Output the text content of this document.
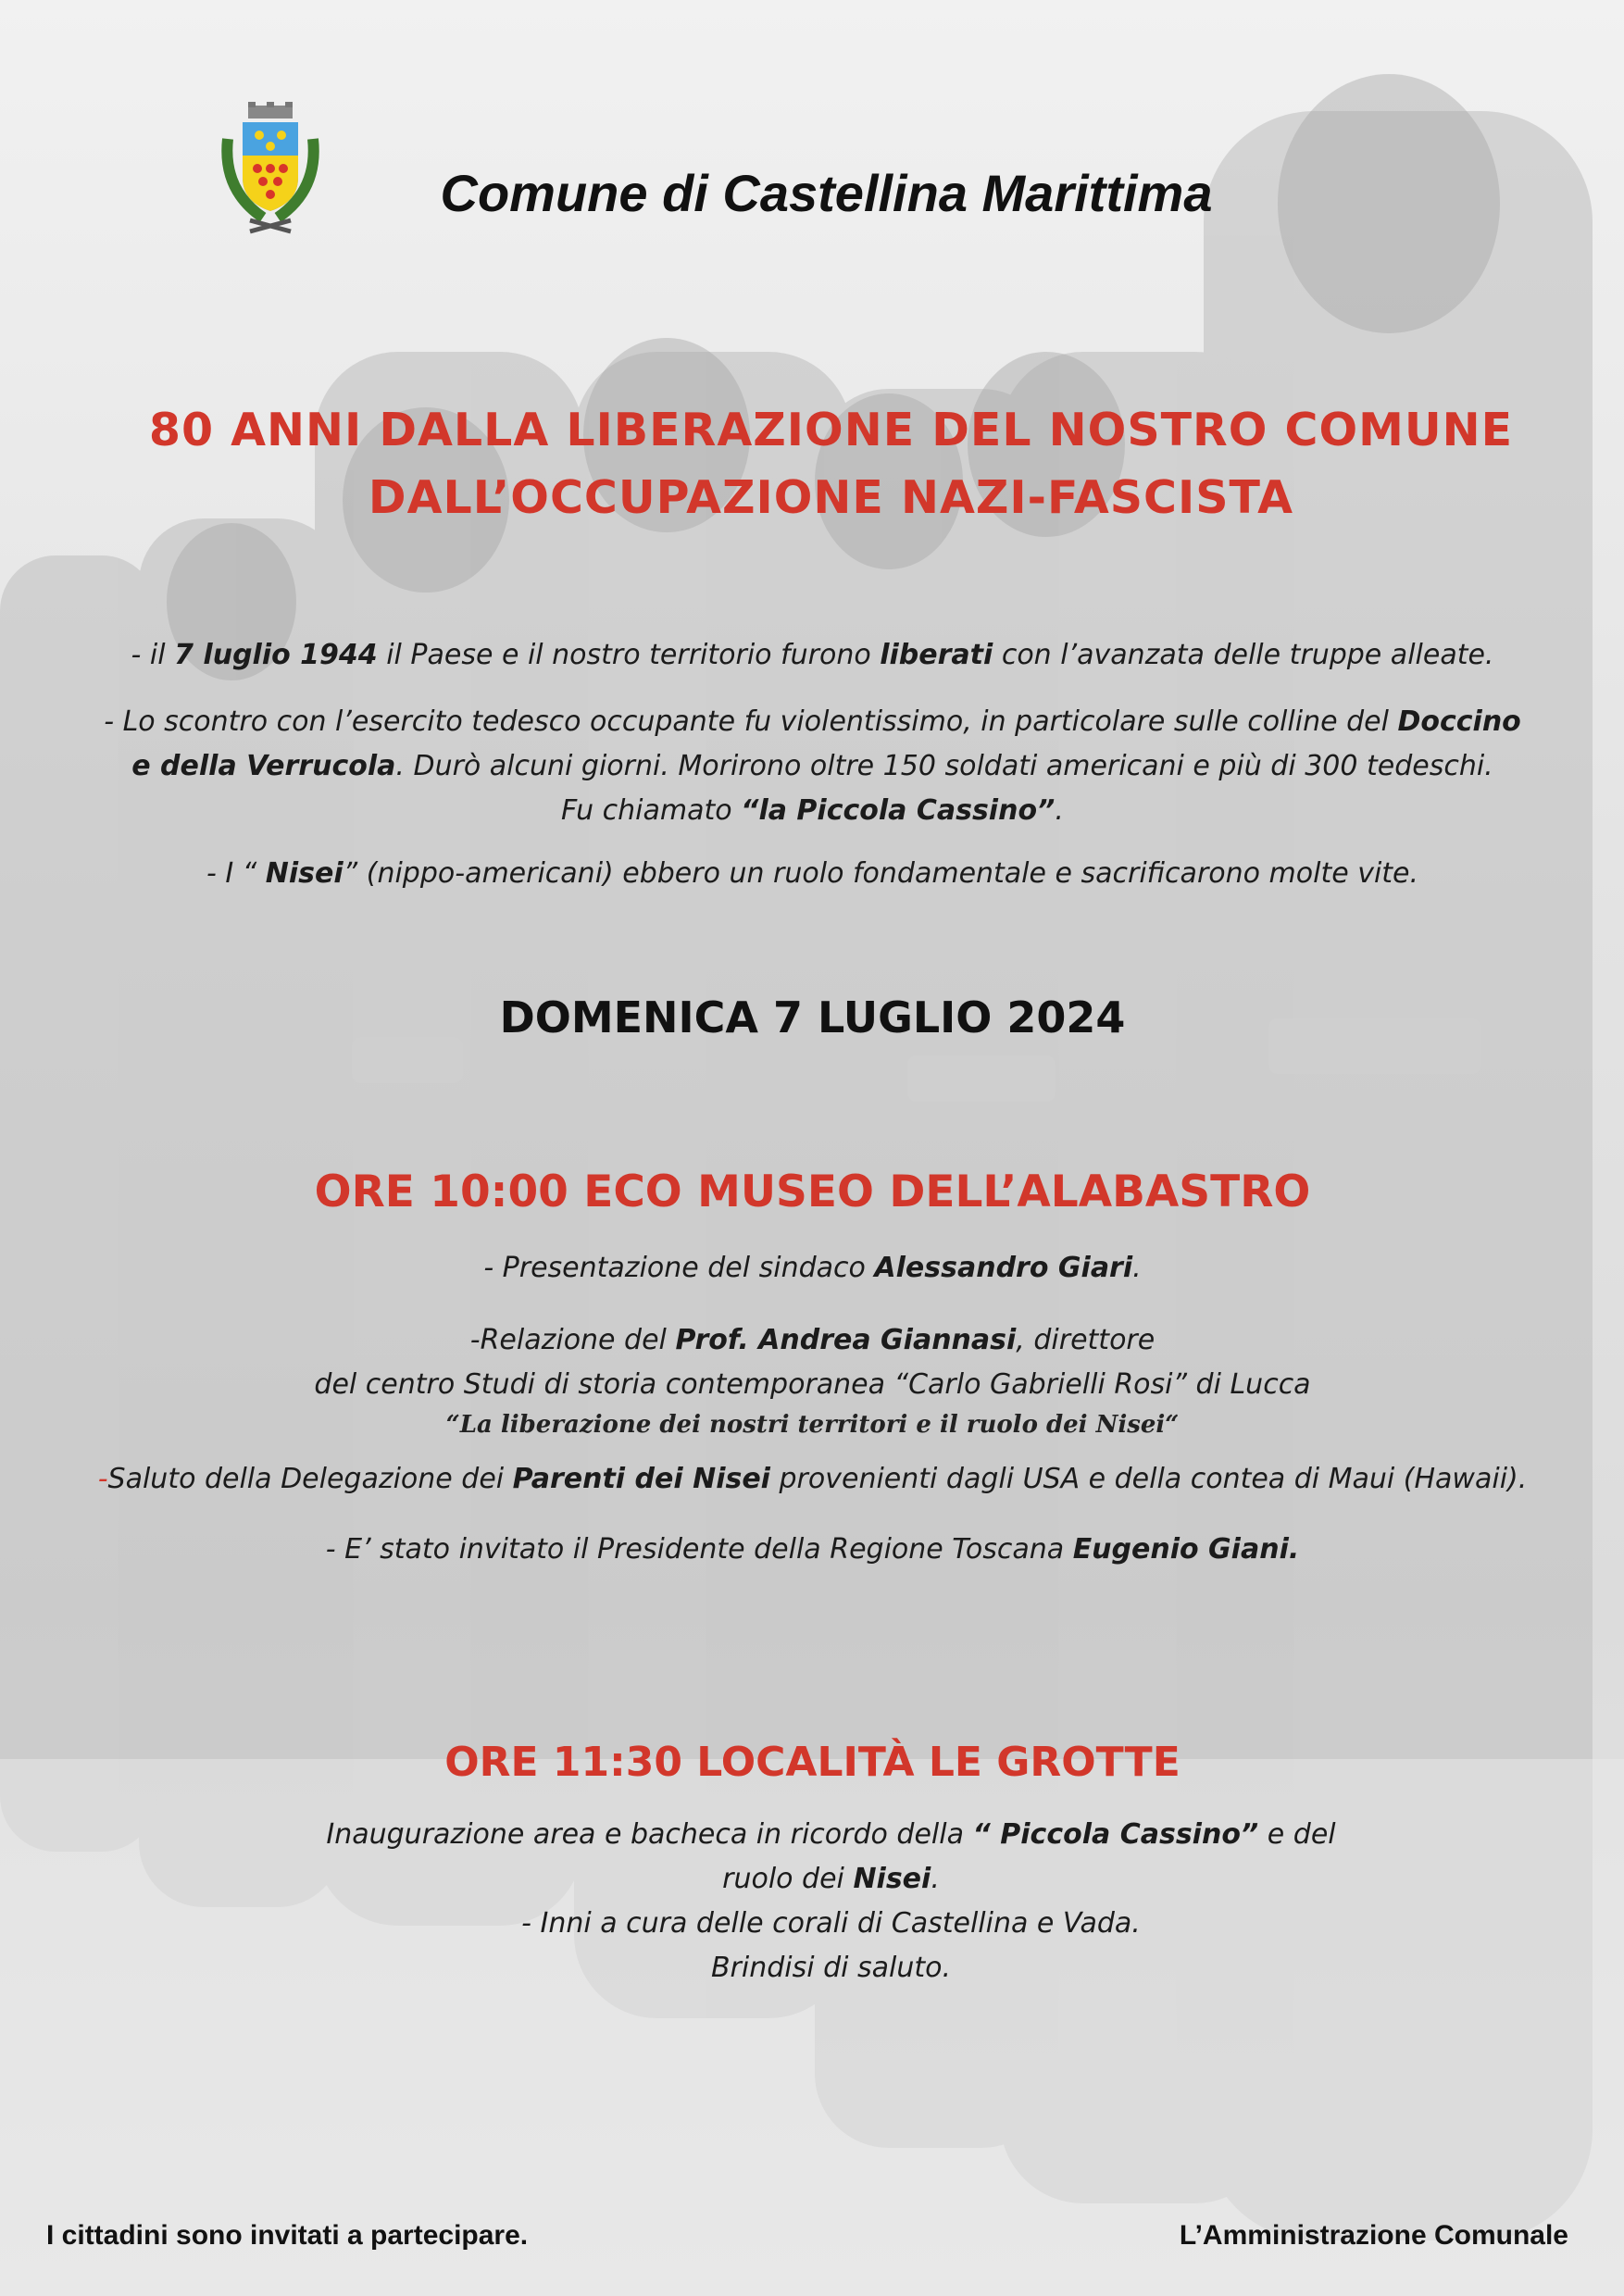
Comune di Castellina Marittima
80 ANNI DALLA LIBERAZIONE DEL NOSTRO COMUNE
DALL’OCCUPAZIONE NAZI-FASCISTA
- il 7 luglio 1944 il Paese e il nostro territorio furono liberati con l’avanzata delle truppe alleate.
- Lo scontro con l’esercito tedesco occupante fu violentissimo, in particolare sulle colline del Doccino
e della Verrucola. Durò alcuni giorni. Morirono oltre 150 soldati americani e più di 300 tedeschi.
Fu chiamato “la Piccola Cassino”.
- I “ Nisei” (nippo-americani) ebbero un ruolo fondamentale e sacrificarono molte vite.
DOMENICA 7 LUGLIO 2024
ORE 10:00 ECO MUSEO DELL’ALABASTRO
- Presentazione del sindaco Alessandro Giari.
-Relazione del Prof. Andrea Giannasi, direttore
del centro Studi di storia contemporanea “Carlo Gabrielli Rosi” di Lucca
“La liberazione dei nostri territori e il ruolo dei Nisei“
-Saluto della Delegazione dei Parenti dei Nisei provenienti dagli USA e della contea di Maui (Hawaii).
- E’ stato invitato il Presidente della Regione Toscana Eugenio Giani.
ORE 11:30 LOCALITÀ LE GROTTE
Inaugurazione area e bacheca in ricordo della “ Piccola Cassino” e del
ruolo dei Nisei.
- Inni a cura delle corali di Castellina e Vada.
Brindisi di saluto.
I cittadini sono invitati a partecipare.	L’Amministrazione Comunale
